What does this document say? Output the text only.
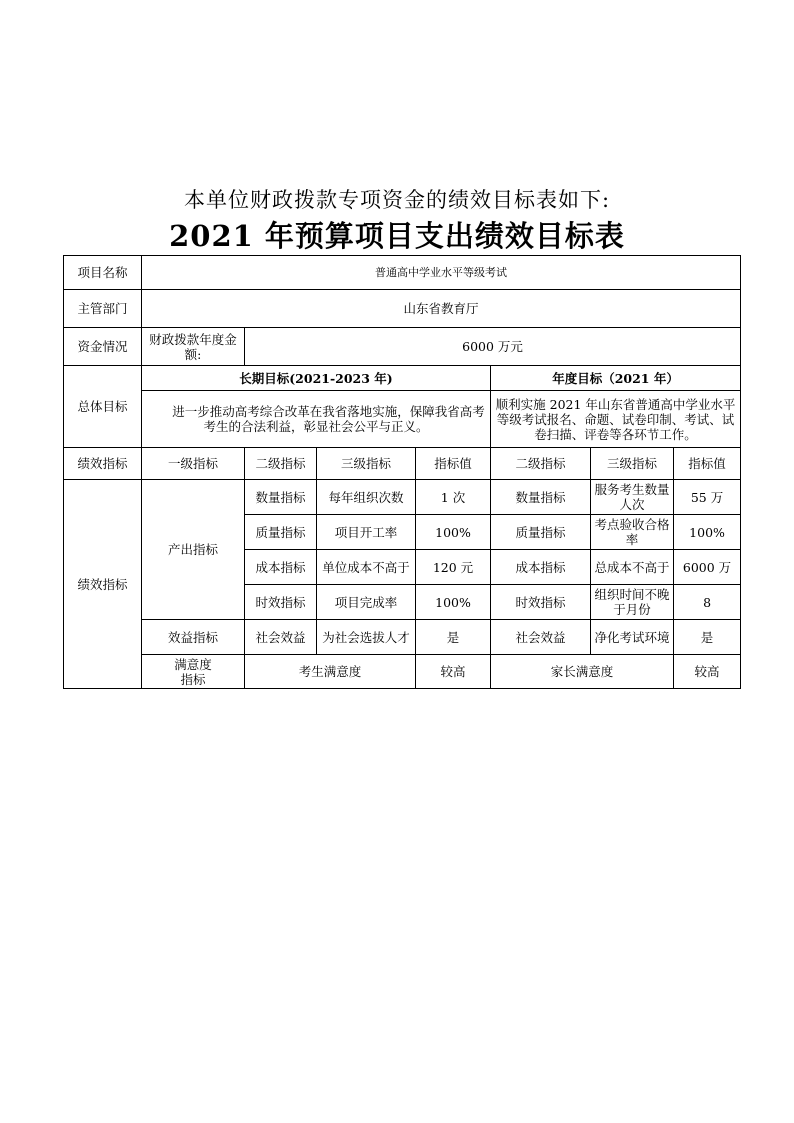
本单位财政拨款专项资金的绩效目标表如下:
2021 年预算项目支出绩效目标表
项目名称	普通高中学业水平等级考试						
主管部门	山东省教育厅						
资金情况	财政拨款年度金额:	6000 万元					
总体目标	长期目标(2021-2023 年)				年度目标（2021 年）		
	进一步推动高考综合改革在我省落地实施，保障我省高考考生的合法利益，彰显社会公平与正义。				顺利实施 2021 年山东省普通高中学业水平等级考试报名、命题、试卷印制、考试、试卷扫描、评卷等各环节工作。		
绩效指标	一级指标	二级指标	三级指标	指标值	二级指标	三级指标	指标值
绩效指标	产出指标	数量指标	每年组织次数	1 次	数量指标	服务考生数量人次	55 万
		质量指标	项目开工率	100%	质量指标	考点验收合格率	100%
		成本指标	单位成本不高于	120 元	成本指标	总成本不高于	6000 万
		时效指标	项目完成率	100%	时效指标	组织时间不晚于月份	8
	效益指标	社会效益	为社会选拔人才	是	社会效益	净化考试环境	是
	满意度指标	考生满意度		较高	家长满意度		较高
